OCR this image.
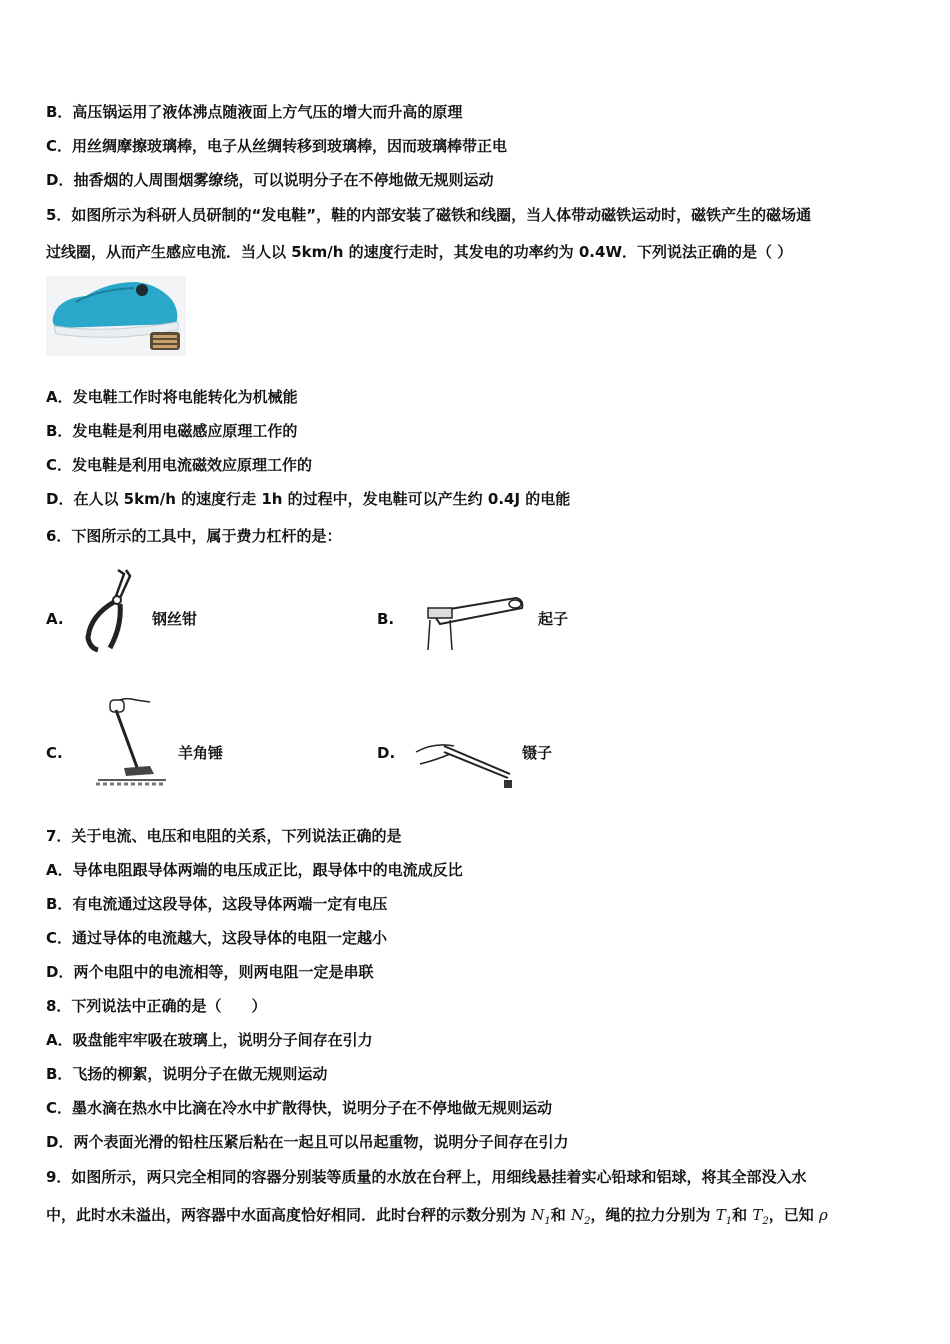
B．高压锅运用了液体沸点随液面上方气压的增大而升高的原理
C．用丝绸摩擦玻璃棒，电子从丝绸转移到玻璃棒，因而玻璃棒带正电
D．抽香烟的人周围烟雾缭绕，可以说明分子在不停地做无规则运动
5．如图所示为科研人员研制的“发电鞋”，鞋的内部安装了磁铁和线圈，当人体带动磁铁运动时，磁铁产生的磁场通
过线圈，从而产生感应电流．当人以 5km/h 的速度行走时，其发电的功率约为 0.4W．下列说法正确的是（ ）
A．发电鞋工作时将电能转化为机械能
B．发电鞋是利用电磁感应原理工作的
C．发电鞋是利用电流磁效应原理工作的
D．在人以 5km/h 的速度行走 1h 的过程中，发电鞋可以产生约 0.4J 的电能
6．下图所示的工具中，属于费力杠杆的是：
A.	钢丝钳	B.	起子
C.	羊角锤	D.	镊子
7．关于电流、电压和电阻的关系，下列说法正确的是
A．导体电阻跟导体两端的电压成正比，跟导体中的电流成反比
B．有电流通过这段导体，这段导体两端一定有电压
C．通过导体的电流越大，这段导体的电阻一定越小
D．两个电阻中的电流相等，则两电阻一定是串联
8．下列说法中正确的是（　　）
A．吸盘能牢牢吸在玻璃上，说明分子间存在引力
B．飞扬的柳絮，说明分子在做无规则运动
C．墨水滴在热水中比滴在冷水中扩散得快，说明分子在不停地做无规则运动
D．两个表面光滑的铅柱压紧后粘在一起且可以吊起重物，说明分子间存在引力
9．如图所示，两只完全相同的容器分别装等质量的水放在台秤上，用细线悬挂着实心铅球和铝球，将其全部没入水
中，此时水未溢出，两容器中水面高度恰好相同．此时台秤的示数分别为 $N_1$和 $N_2$，绳的拉力分别为 $T_1$和 $T_2$，已知 ρ
